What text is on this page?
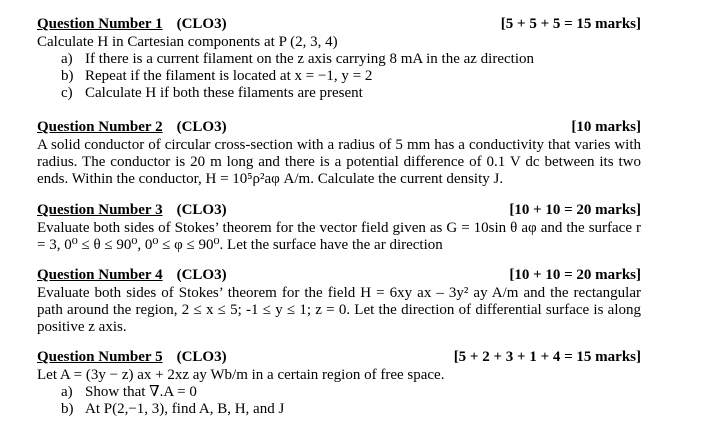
Question Number 1 (CLO3)	[5 + 5 + 5 = 15 marks]

Calculate H in Cartesian components at P (2, 3, 4)

a) If there is a current filament on the z axis carrying 8 mA in the az direction
b) Repeat if the filament is located at x = −1, y = 2
c) Calculate H if both these filaments are present
Question Number 2 (CLO3)	[10 marks]

A solid conductor of circular cross-section with a radius of 5 mm has a conductivity that varies with radius. The conductor is 20 m long and there is a potential difference of 0.1 V dc between its two ends. Within the conductor, H = 10⁵ρ²aφ A/m. Calculate the current density J.

Question Number 3 (CLO3)	[10 + 10 = 20 marks]

Evaluate both sides of Stokes’ theorem for the vector field given as G = 10sin θ aφ and the surface r = 3, 0⁰ ≤ θ ≤ 90⁰, 0⁰ ≤ φ ≤ 90⁰. Let the surface have the ar direction

Question Number 4 (CLO3)	[10 + 10 = 20 marks]

Evaluate both sides of Stokes’ theorem for the field H = 6xy ax – 3y² ay A/m and the rectangular path around the region, 2 ≤ x ≤ 5; -1 ≤ y ≤ 1; z = 0. Let the direction of differential surface is along positive z axis.

Question Number 5 (CLO3)	[5 + 2 + 3 + 1 + 4 = 15 marks]

Let A = (3y − z) ax + 2xz ay Wb/m in a certain region of free space.

a) Show that ∇.A = 0
b) At P(2,−1, 3), find A, B, H, and J
